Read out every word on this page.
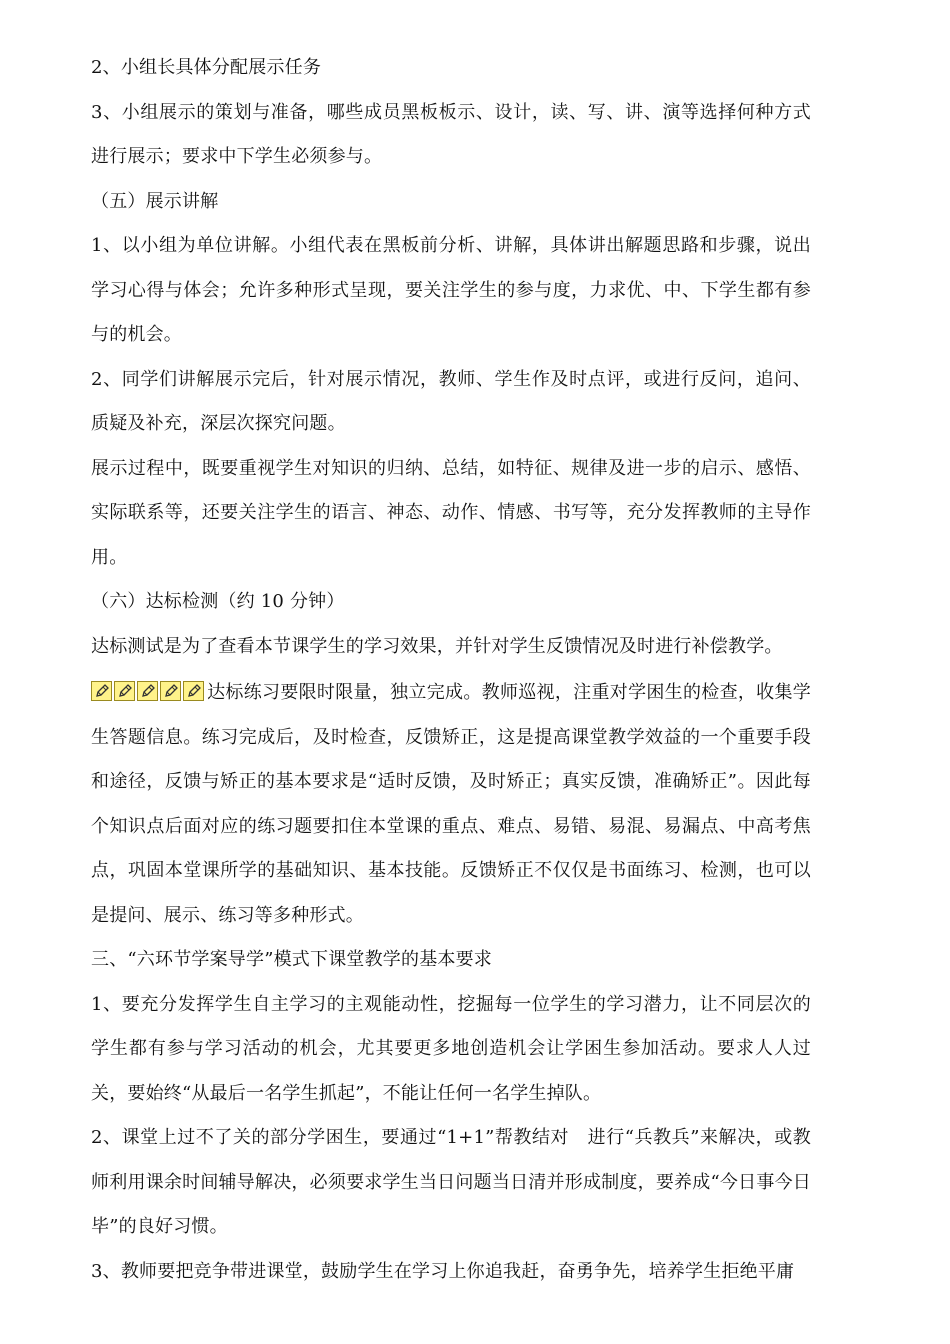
2、小组长具体分配展示任务

3、小组展示的策划与准备，哪些成员黑板板示、设计，读、写、讲、演等选择何种方式进行展示；要求中下学生必须参与。

（五）展示讲解

1、以小组为单位讲解。小组代表在黑板前分析、讲解，具体讲出解题思路和步骤，说出学习心得与体会；允许多种形式呈现，要关注学生的参与度，力求优、中、下学生都有参与的机会。

2、同学们讲解展示完后，针对展示情况，教师、学生作及时点评，或进行反问，追问、质疑及补充，深层次探究问题。

展示过程中，既要重视学生对知识的归纳、总结，如特征、规律及进一步的启示、感悟、实际联系等，还要关注学生的语言、神态、动作、情感、书写等，充分发挥教师的主导作用。

（六）达标检测（约 10 分钟）

达标测试是为了查看本节课学生的学习效果，并针对学生反馈情况及时进行补偿教学。

达标练习要限时限量，独立完成。教师巡视，注重对学困生的检查，收集学生答题信息。练习完成后，及时检查，反馈矫正，这是提高课堂教学效益的一个重要手段和途径，反馈与矫正的基本要求是“适时反馈，及时矫正；真实反馈，准确矫正”。因此每个知识点后面对应的练习题要扣住本堂课的重点、难点、易错、易混、易漏点、中高考焦点，巩固本堂课所学的基础知识、基本技能。反馈矫正不仅仅是书面练习、检测，也可以是提问、展示、练习等多种形式。

三、“六环节学案导学”模式下课堂教学的基本要求

1、要充分发挥学生自主学习的主观能动性，挖掘每一位学生的学习潜力，让不同层次的学生都有参与学习活动的机会，尤其要更多地创造机会让学困生参加活动。要求人人过关，要始终“从最后一名学生抓起”，不能让任何一名学生掉队。

2、课堂上过不了关的部分学困生，要通过“1+1”帮教结对　进行“兵教兵”来解决，或教师利用课余时间辅导解决，必须要求学生当日问题当日清并形成制度，要养成“今日事今日毕”的良好习惯。

3、教师要把竞争带进课堂，鼓励学生在学习上你追我赶，奋勇争先，培养学生拒绝平庸
